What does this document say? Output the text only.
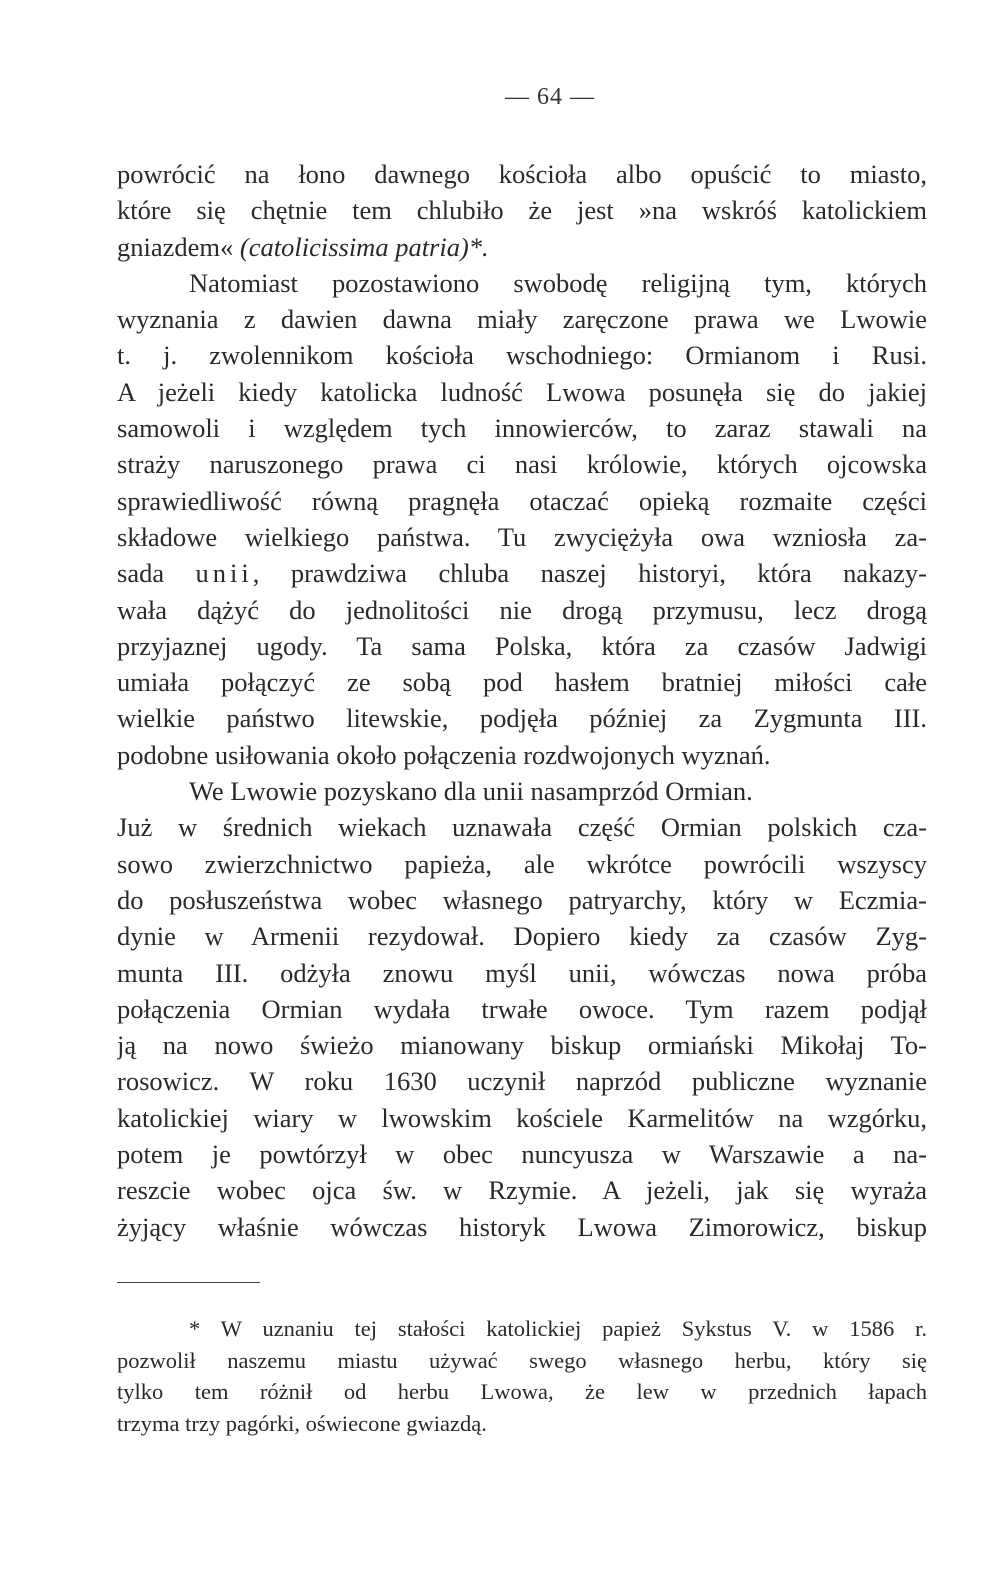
— 64 —
powrócić na łono dawnego kościoła albo opuścić to miasto,
które się chętnie tem chlubiło że jest »na wskróś katolickiem
gniazdem« (catolicissima patria)*.
Natomiast pozostawiono swobodę religijną tym, których
wyznania z dawien dawna miały zaręczone prawa we Lwowie
t. j. zwolennikom kościoła wschodniego: Ormianom i Rusi.
A jeżeli kiedy katolicka ludność Lwowa posunęła się do jakiej
samowoli i względem tych innowierców, to zaraz stawali na
straży naruszonego prawa ci nasi królowie, których ojcowska
sprawiedliwość równą pragnęła otaczać opieką rozmaite części
składowe wielkiego państwa. Tu zwyciężyła owa wzniosła za-
sada unii, prawdziwa chluba naszej historyi, która nakazy-
wała dążyć do jednolitości nie drogą przymusu, lecz drogą
przyjaznej ugody. Ta sama Polska, która za czasów Jadwigi
umiała połączyć ze sobą pod hasłem bratniej miłości całe
wielkie państwo litewskie, podjęła później za Zygmunta III.
podobne usiłowania około połączenia rozdwojonych wyznań.
We Lwowie pozyskano dla unii nasamprzód Ormian.
Już w średnich wiekach uznawała część Ormian polskich cza-
sowo zwierzchnictwo papieża, ale wkrótce powrócili wszyscy
do posłuszeństwa wobec własnego patryarchy, który w Eczmia-
dynie w Armenii rezydował. Dopiero kiedy za czasów Zyg-
munta III. odżyła znowu myśl unii, wówczas nowa próba
połączenia Ormian wydała trwałe owoce. Tym razem podjął
ją na nowo świeżo mianowany biskup ormiański Mikołaj To-
rosowicz. W roku 1630 uczynił naprzód publiczne wyznanie
katolickiej wiary w lwowskim kościele Karmelitów na wzgórku,
potem je powtórzył w obec nuncyusza w Warszawie a na-
reszcie wobec ojca św. w Rzymie. A jeżeli, jak się wyraża
żyjący właśnie wówczas historyk Lwowa Zimorowicz, biskup
* W uznaniu tej stałości katolickiej papież Sykstus V. w 1586 r.
pozwolił naszemu miastu używać swego własnego herbu, który się
tylko tem różnił od herbu Lwowa, że lew w przednich łapach
trzyma trzy pagórki, oświecone gwiazdą.
